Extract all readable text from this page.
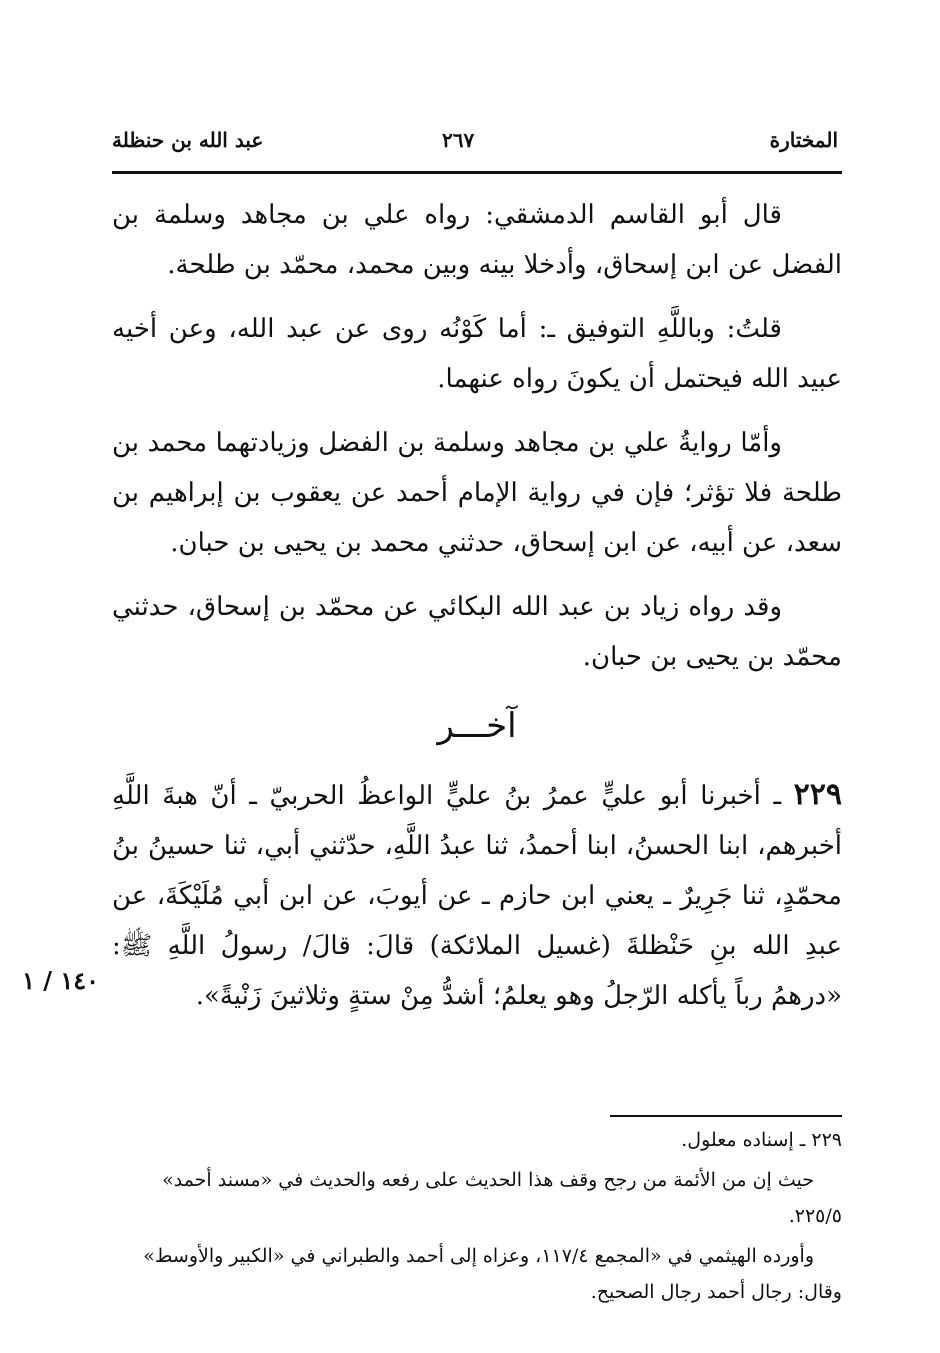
المختارة
٢٦٧
عبد الله بن حنظلة

قال أبو القاسم الدمشقي: رواه علي بن مجاهد وسلمة بن الفضل عن ابن إسحاق، وأدخلا بينه وبين محمد، محمّد بن طلحة.

قلتُ: وباللَّهِ التوفيق ـ: أما كَوْنُه روى عن عبد الله، وعن أخيه عبيد الله فيحتمل أن يكونَ رواه عنهما.

وأمّا روايةُ علي بن مجاهد وسلمة بن الفضل وزيادتهما محمد بن طلحة فلا تؤثر؛ فإن في رواية الإمام أحمد عن يعقوب بن إبراهيم بن سعد، عن أبيه، عن ابن إسحاق، حدثني محمد بن يحيى بن حبان.

وقد رواه زياد بن عبد الله البكائي عن محمّد بن إسحاق، حدثني محمّد بن يحيى بن حبان.

آخـــر

٢٢٩ ـ أخبرنا أبو عليٍّ عمرُ بنُ عليٍّ الواعظُ الحربيّ ـ أنّ هبةَ اللَّهِ أخبرهم، ابنا الحسنُ، ابنا أحمدُ، ثنا عبدُ اللَّهِ، حدّثني أبي، ثنا حسينُ بنُ محمّدٍ، ثنا جَرِيرٌ ـ يعني ابن حازم ـ عن أيوبَ، عن ابن أبي مُلَيْكَةَ، عن عبدِ الله بنِ حَنْظلةَ (غسيل الملائكة) قالَ: قالَ/ رسولُ اللَّهِ ﷺ: «درهمُ رباً يأكله الرّجلُ وهو يعلمُ؛ أشدُّ مِنْ ستةٍ وثلاثينَ زَنْيةً».

١٤٠ / ١

٢٢٩ ـ إسناده معلول.

حيث إن من الأئمة من رجح وقف هذا الحديث على رفعه والحديث في «مسند أحمد» ٢٢٥/٥.

وأورده الهيثمي في «المجمع ١١٧/٤، وعزاه إلى أحمد والطبراني في «الكبير والأوسط» وقال: رجال أحمد رجال الصحيح.
